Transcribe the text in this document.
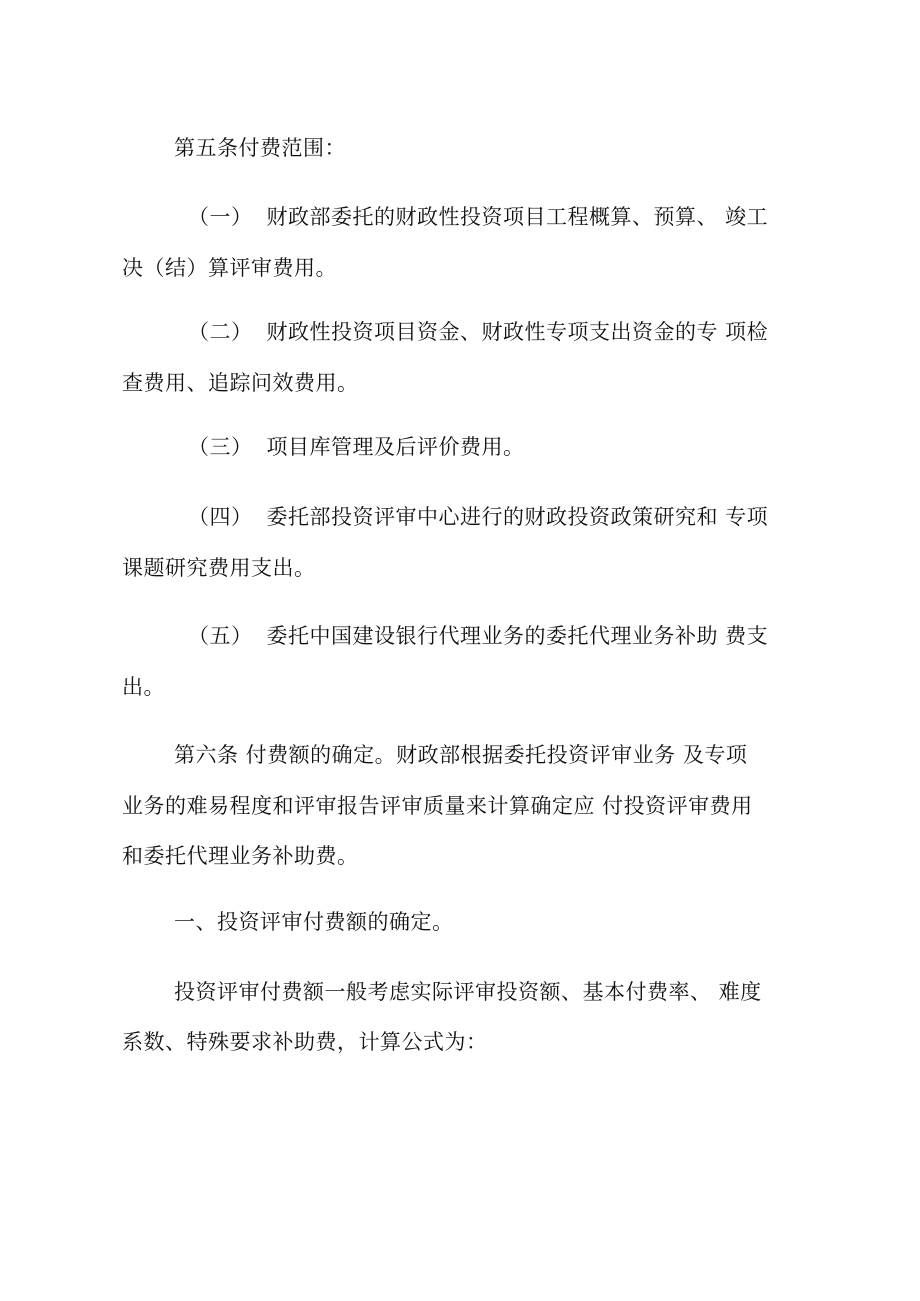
第五条付费范围：
（一） 财政部委托的财政性投资项目工程概算、预算、 竣工
决（结）算评审费用。
（二） 财政性投资项目资金、财政性专项支出资金的专 项检
查费用、追踪问效费用。
（三） 项目库管理及后评价费用。
（四） 委托部投资评审中心进行的财政投资政策研究和 专项
课题研究费用支出。
（五） 委托中国建设银行代理业务的委托代理业务补助 费支
出。
第六条 付费额的确定。财政部根据委托投资评审业务 及专项
业务的难易程度和评审报告评审质量来计算确定应 付投资评审费用
和委托代理业务补助费。
一、投资评审付费额的确定。
投资评审付费额一般考虑实际评审投资额、基本付费率、 难度
系数、特殊要求补助费，计算公式为：
